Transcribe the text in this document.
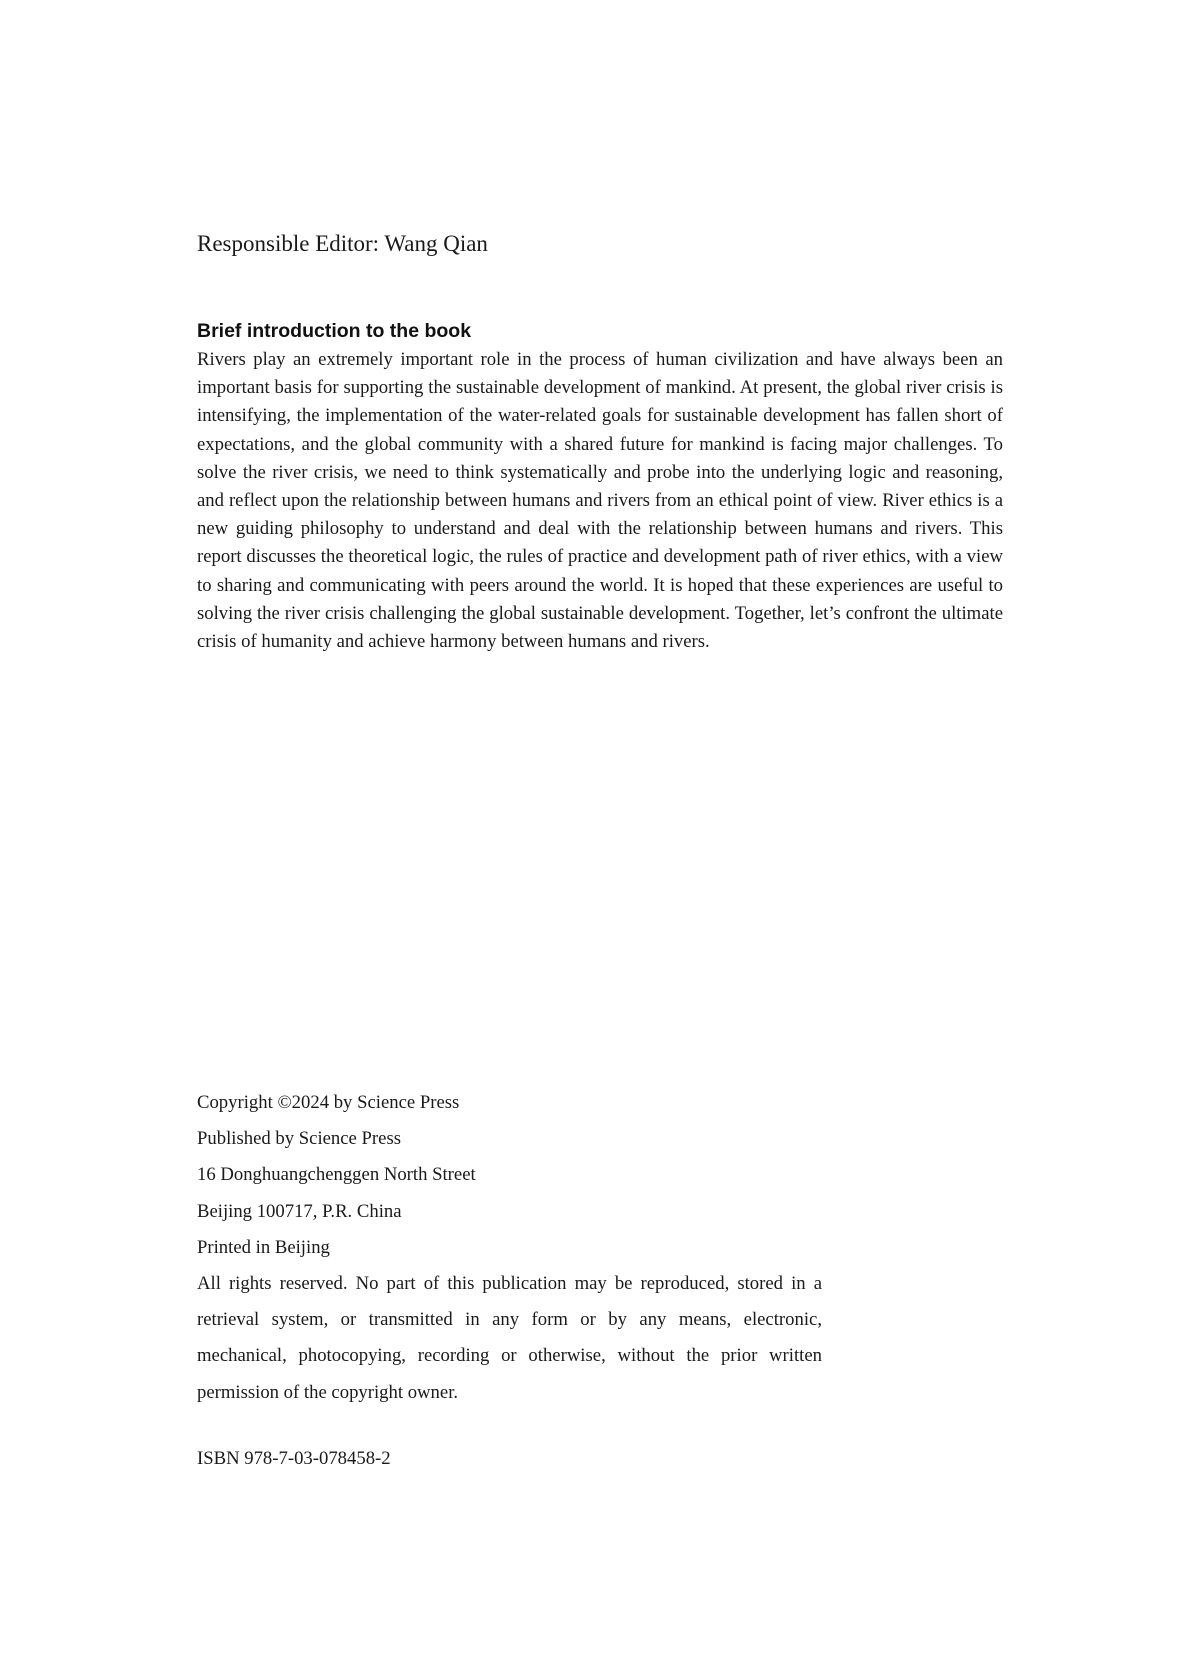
Responsible Editor: Wang Qian
Brief introduction to the book

Rivers play an extremely important role in the process of human civilization and have always been an important basis for supporting the sustainable development of mankind. At present, the global river crisis is intensifying, the implementation of the water-related goals for sustainable development has fallen short of expectations, and the global community with a shared future for mankind is facing major challenges. To solve the river crisis, we need to think systematically and probe into the underlying logic and reasoning, and reflect upon the relationship between humans and rivers from an ethical point of view. River ethics is a new guiding philosophy to understand and deal with the relationship between humans and rivers. This report discusses the theoretical logic, the rules of practice and development path of river ethics, with a view to sharing and communicating with peers around the world. It is hoped that these experiences are useful to solving the river crisis challenging the global sustainable development. Together, let’s confront the ultimate crisis of humanity and achieve harmony between humans and rivers.

Copyright ©2024 by Science Press
Published by Science Press
16 Donghuangchenggen North Street
Beijing 100717, P.R. China
Printed in Beijing

All rights reserved. No part of this publication may be reproduced, stored in a retrieval system, or transmitted in any form or by any means, electronic, mechanical, photocopying, recording or otherwise, without the prior written permission of the copyright owner.

ISBN 978-7-03-078458-2
